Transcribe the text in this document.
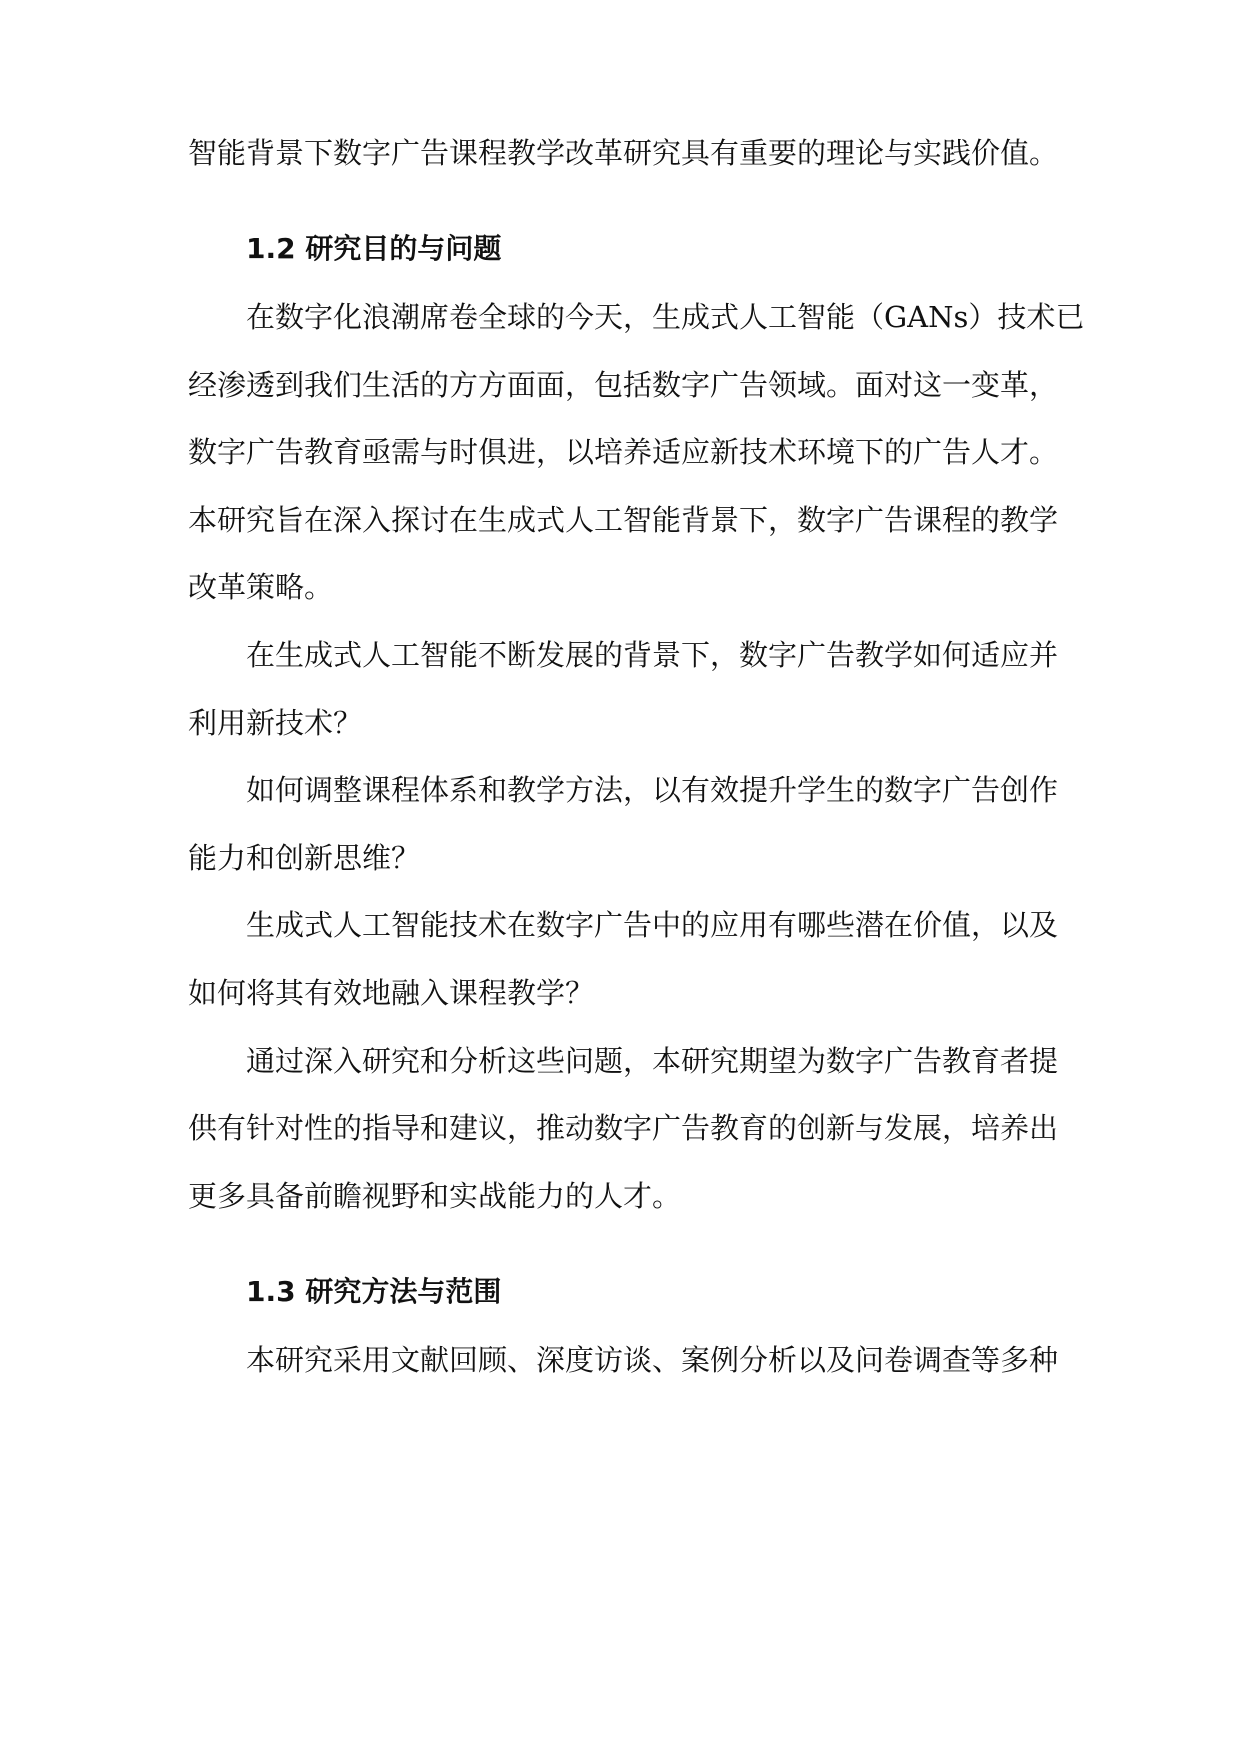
智能背景下数字广告课程教学改革研究具有重要的理论与实践价值。
1.2 研究目的与问题
在数字化浪潮席卷全球的今天，生成式人工智能（GANs）技术已
经渗透到我们生活的方方面面，包括数字广告领域。面对这一变革，
数字广告教育亟需与时俱进，以培养适应新技术环境下的广告人才。
本研究旨在深入探讨在生成式人工智能背景下，数字广告课程的教学
改革策略。
在生成式人工智能不断发展的背景下，数字广告教学如何适应并
利用新技术？
如何调整课程体系和教学方法，以有效提升学生的数字广告创作
能力和创新思维？
生成式人工智能技术在数字广告中的应用有哪些潜在价值，以及
如何将其有效地融入课程教学？
通过深入研究和分析这些问题，本研究期望为数字广告教育者提
供有针对性的指导和建议，推动数字广告教育的创新与发展，培养出
更多具备前瞻视野和实战能力的人才。
1.3 研究方法与范围
本研究采用文献回顾、深度访谈、案例分析以及问卷调查等多种
